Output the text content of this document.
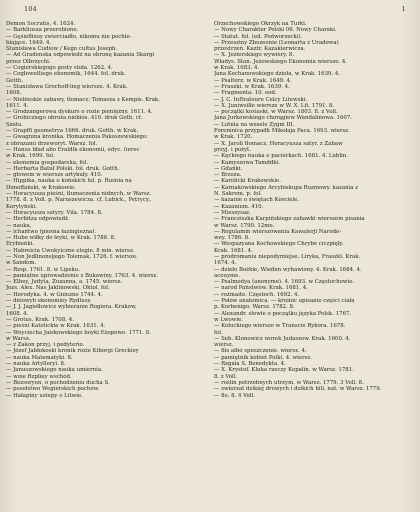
104	1

Demon Socratis, 4. 1624.

— Barkliusza przerobione.

— Gęśieflixoy zwierciadło, nikomu nie pochle-

biające. 1649. 4.

Stanisława Cudiow / Kego cultus Joseph.

— Ad Gradenska odpowiedź na obronę kazania Skargi

przez Olbrzychi.

— Cogierskiegogo gosty stoła. 1262. 4.

— Cegłowetliego ekonomik, 1644. fol. druk.

Gotth.

— Stanisława Grochoff-lieg wiersze. 4. Krak.

1608.

— Niebieskie zabawy, tłomacz: Tomasza z Kempis. Krak.

1611. 4.

— Grodzangerowa dyskurs o rozie pieniężny. 1611. 4.

— Grobicziego obroża niebios. 410. druk Goth. cf.

Szotu.

— Grapffi geometrya 1666. druk. Gotth. w Krak.

— Gwagnina kronika. Homaczenia Pakoszewskiego:

z obrazami drzeworyt. Warsz. fol.

— Hanus bład abo Eraldik ekonomii, edyc. (ierec

w Krak. 1699. fol.

— ekonomia gospodarska, fol.

— Herbarta Batuł Polski. fol. druk. Gotth.

— głowem w wiersze artykuły. 410.

— Hippika, nauka o końskich fol. p. Ruśnia na

Donoffański, w Krakowie.

— Horacyusza pieśni, tłumaczenia nidnych, w Warsz.

1778. 8. z Voll. p. Naruszewicza. cf. Lubick., Petrycy.,

Korytyński.

— Horacyusza satyry. Vila. 1784. 8.

— Herbitza odpowiedź.

— nauka,

— ichańtwo (piosna łazingiezna).

— Hube wiłky do łeyki, w Krak. 1788. 8.

Erybieńki.

— Habreicia Uwokyiczne elegie. 8 min. wiersz.

— Non Jedlinonsijego Tolemak. 1726. f. wiersze.

w Sandom.

— Rzsp. 1761. 8. w Lipsku.

— pamiętne uprowadzenie z Bukowiny. 1763. 4. wiersz.

— Elbey, Judyta, Zuzanna, a. 1745. wiersz.

Jozs. Alex. Nas Jaklinowski, Oktol. fol.

— Herodyka. 4. w Gniezno 1744. 4.

— dniowyh ekonomiey Rydlusy.

— J. J. Jagiełłowicz wybieranie Rogiera. Krakow,

1608. 4.

— Grotus. Krak. 1708. 4.

— pieśni Katolickie w Krak. 1631. 4.

— Woyciecha Jaiskowskiego boyki Ezopowe. 1771. 8.

w Warsz.

— z Zakon przyj. i pedyterio.

— Józef Jabłokoski kronik rózie Kiborgi Greckiey

— nauka Matematyki. 8.

— nauka Artylleryi. 8.

— Januszowskiego nauka umiernia.

— woie Rzpliey wschód.

— Bezsoryon, o pochodzeniu ducha S.

— posełstwo Wegierskich pochów.

— Hałapiny ustepy o Litwie.

Orzechowskiego Okrzyk na Turki.

— Nowy Charakter Polski 06. Nowy Charaki.

— Statut. fol. (ed. Podworzeckí).

— Przesziny Zbozeonie (Leonarta z Uradowa)

przestrzeń. Kaztr. Kazakierwicza.

— X. Jezierskiego wywiery. 8.

Władys. Stan. Jeżowskiego Ekonomia wiersze. 4.

w Krak. 1683. 4.

Jana Kochanowskiego dzieła, w Krak. 1639. 4.

— Psalterz. w Krak. 1649. 4.

— Fraszki. w Krak. 1639. 4.

— Fragmenta. 10. eod.

— J. C. Inftrateure Celcy Litewski.

— X. Juniwsiłłe wiersze w W. X. Lit. 1791. 8.

— początki kośiaski, w Warsz. 1803. 8. z Voll.

Jana Jurkowskiego chorągiew Wandalinowa. 1607.

— Lutnia na wesele Zygm III.

Foremnica przypadk Mikołaja Paca. 1693. wiersz.

w Krak. 1720.

— X. Jaroli tłomacz. Horacyusza satyr. z Zabaw

przyj. i pożyt.

— Kęckiego nauka o pacierkach. 1681. 4. Lublin.

— Kamyszowa Tamddki.

— Gdańki.

— Brzoza.

— Karolicki Krakowskie.

— Karnakowskiego Arcybiskupa Rozmowy. kazania z

N. Sakrom. p. fol.

— kazanie o świętach Kościele.

— Kazaniem. 410.

— Mieszysaz.

— Francziszka Karpińskiego zabawki wierszem pisania

w Warsz. 1790. 12mo.

— Regulamin wierszowania Kawalerji Narodo-

wey. 1786. 8.

— Wespazyana Kochowskiego Chrybe ciczpięły.

Krak. 1681. 4.

— prodromaniu niepodymiejse. Liryka, Fraszki. Krak.

1674. 4.

— dzieło Bożkie, Wieden wyhawiony. 4. Krak. 1684. 4.

acouyme.

— Psalmodya (anonyme). 4. 1693. w Częstochowie.

— narod Państwów. Krak. 1681. 4.

— rożmaite. Częstoch. 1692. 4.

— Połów anatomica. — kroinic opisanie części ciała

p. Korbenigo. Warsz. 1782. 8.

— Alexandr. słowie o początku języka Polsk. 1767.

w Lwowie.

— Kołuckiego wiersze w Transcie Rykora. 1678.

fol.

— Seb. Klonowicz worek Judaszow. Krak. 1600. 4.

wiersz.

— flis albo spuszczenie. wiersz. 4.

— pamiętnik kobiet Polki. 4. wiersz.

— Rzgala S. Benedykta. 4.

— X. Krystof. Kluka rzeczy Kopalin. w Warsz. 1781.

8. z Voll.

— roślin potrzebnych utrzym. w Warsz. 1779. 3 Voll. 8.

— zwierzat dzikiej drowych i dzikich hili. nat. w Warsz. 1779.

— 8o. 8. 4 Voll.
